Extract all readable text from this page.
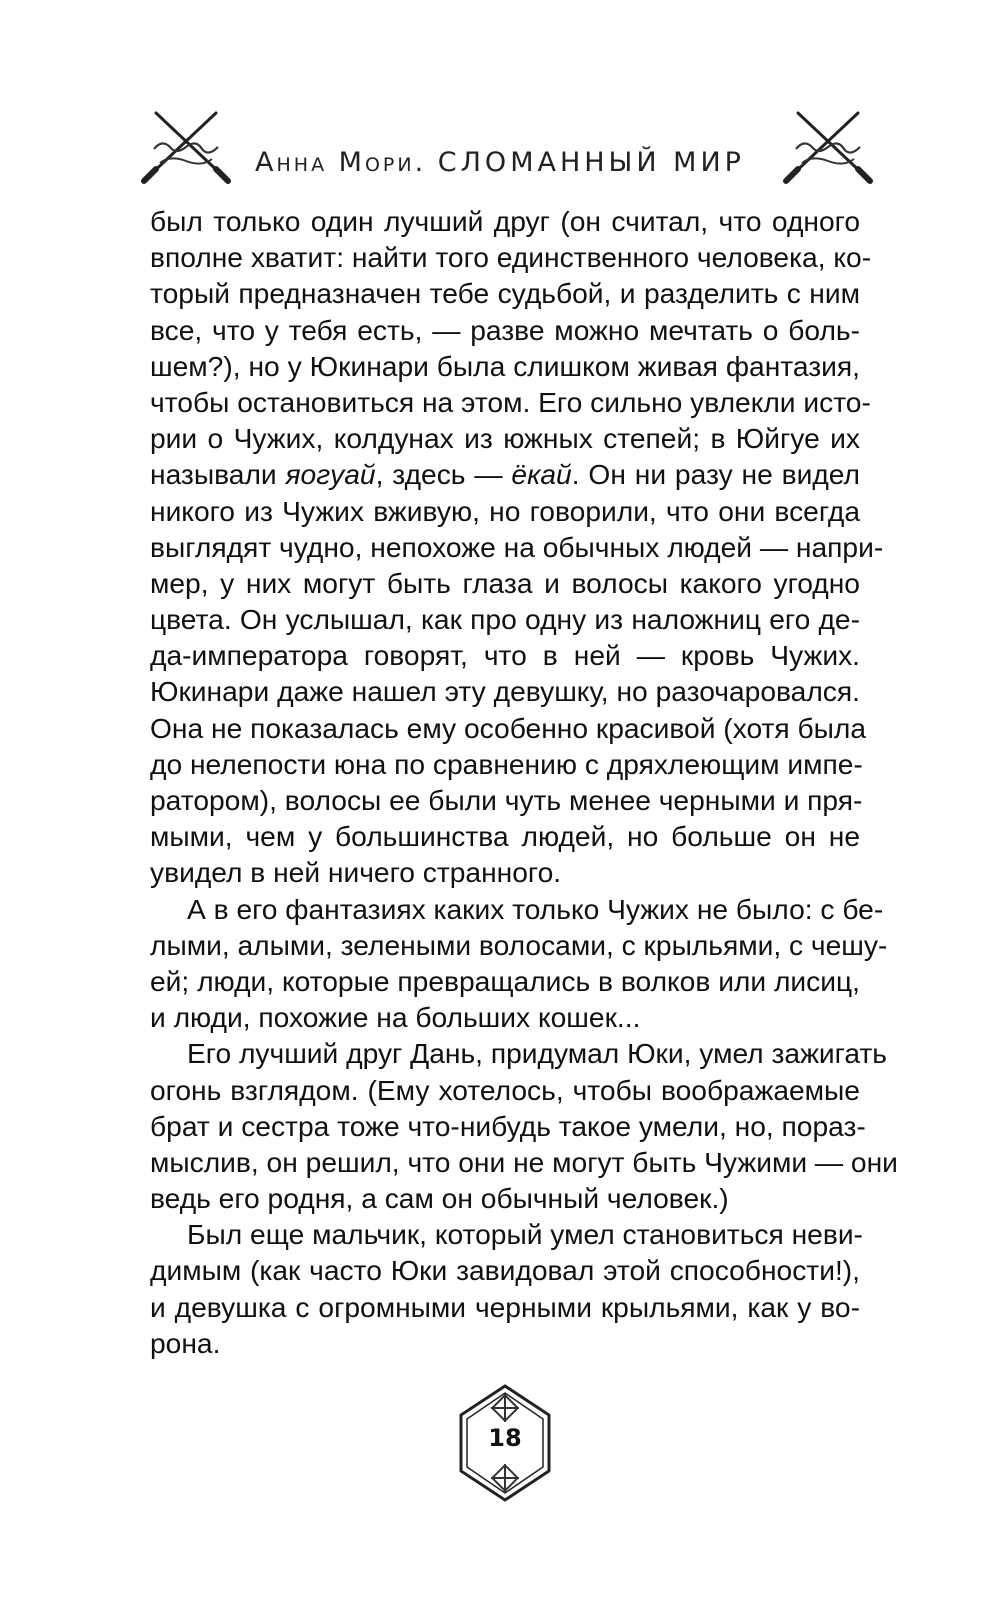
Анна Мори. СЛОМАННЫЙ МИР
был только один лучший друг (он считал, что одного
вполне хватит: найти того единственного человека, ко-
торый предназначен тебе судьбой, и разделить с ним
все, что у тебя есть, — разве можно мечтать о боль-
шем?), но у Юкинари была слишком живая фантазия,
чтобы остановиться на этом. Его сильно увлекли исто-
рии о Чужих, колдунах из южных степей; в Юйгуе их
называли яогуай, здесь — ёкай. Он ни разу не видел
никого из Чужих вживую, но говорили, что они всегда
выглядят чудно, непохоже на обычных людей — напри-
мер, у них могут быть глаза и волосы какого угодно
цвета. Он услышал, как про одну из наложниц его де-
да-императора говорят, что в ней — кровь Чужих.
Юкинари даже нашел эту девушку, но разочаровался.
Она не показалась ему особенно красивой (хотя была
до нелепости юна по сравнению с дряхлеющим импе-
ратором), волосы ее были чуть менее черными и пря-
мыми, чем у большинства людей, но больше он не
увидел в ней ничего странного.
А в его фантазиях каких только Чужих не было: с бе-
лыми, алыми, зелеными волосами, с крыльями, с чешу-
ей; люди, которые превращались в волков или лисиц,
и люди, похожие на больших кошек...
Его лучший друг Дань, придумал Юки, умел зажигать
огонь взглядом. (Ему хотелось, чтобы воображаемые
брат и сестра тоже что-нибудь такое умели, но, пораз-
мыслив, он решил, что они не могут быть Чужими — они
ведь его родня, а сам он обычный человек.)
Был еще мальчик, который умел становиться неви-
димым (как часто Юки завидовал этой способности!),
и девушка с огромными черными крыльями, как у во-
рона.
18
